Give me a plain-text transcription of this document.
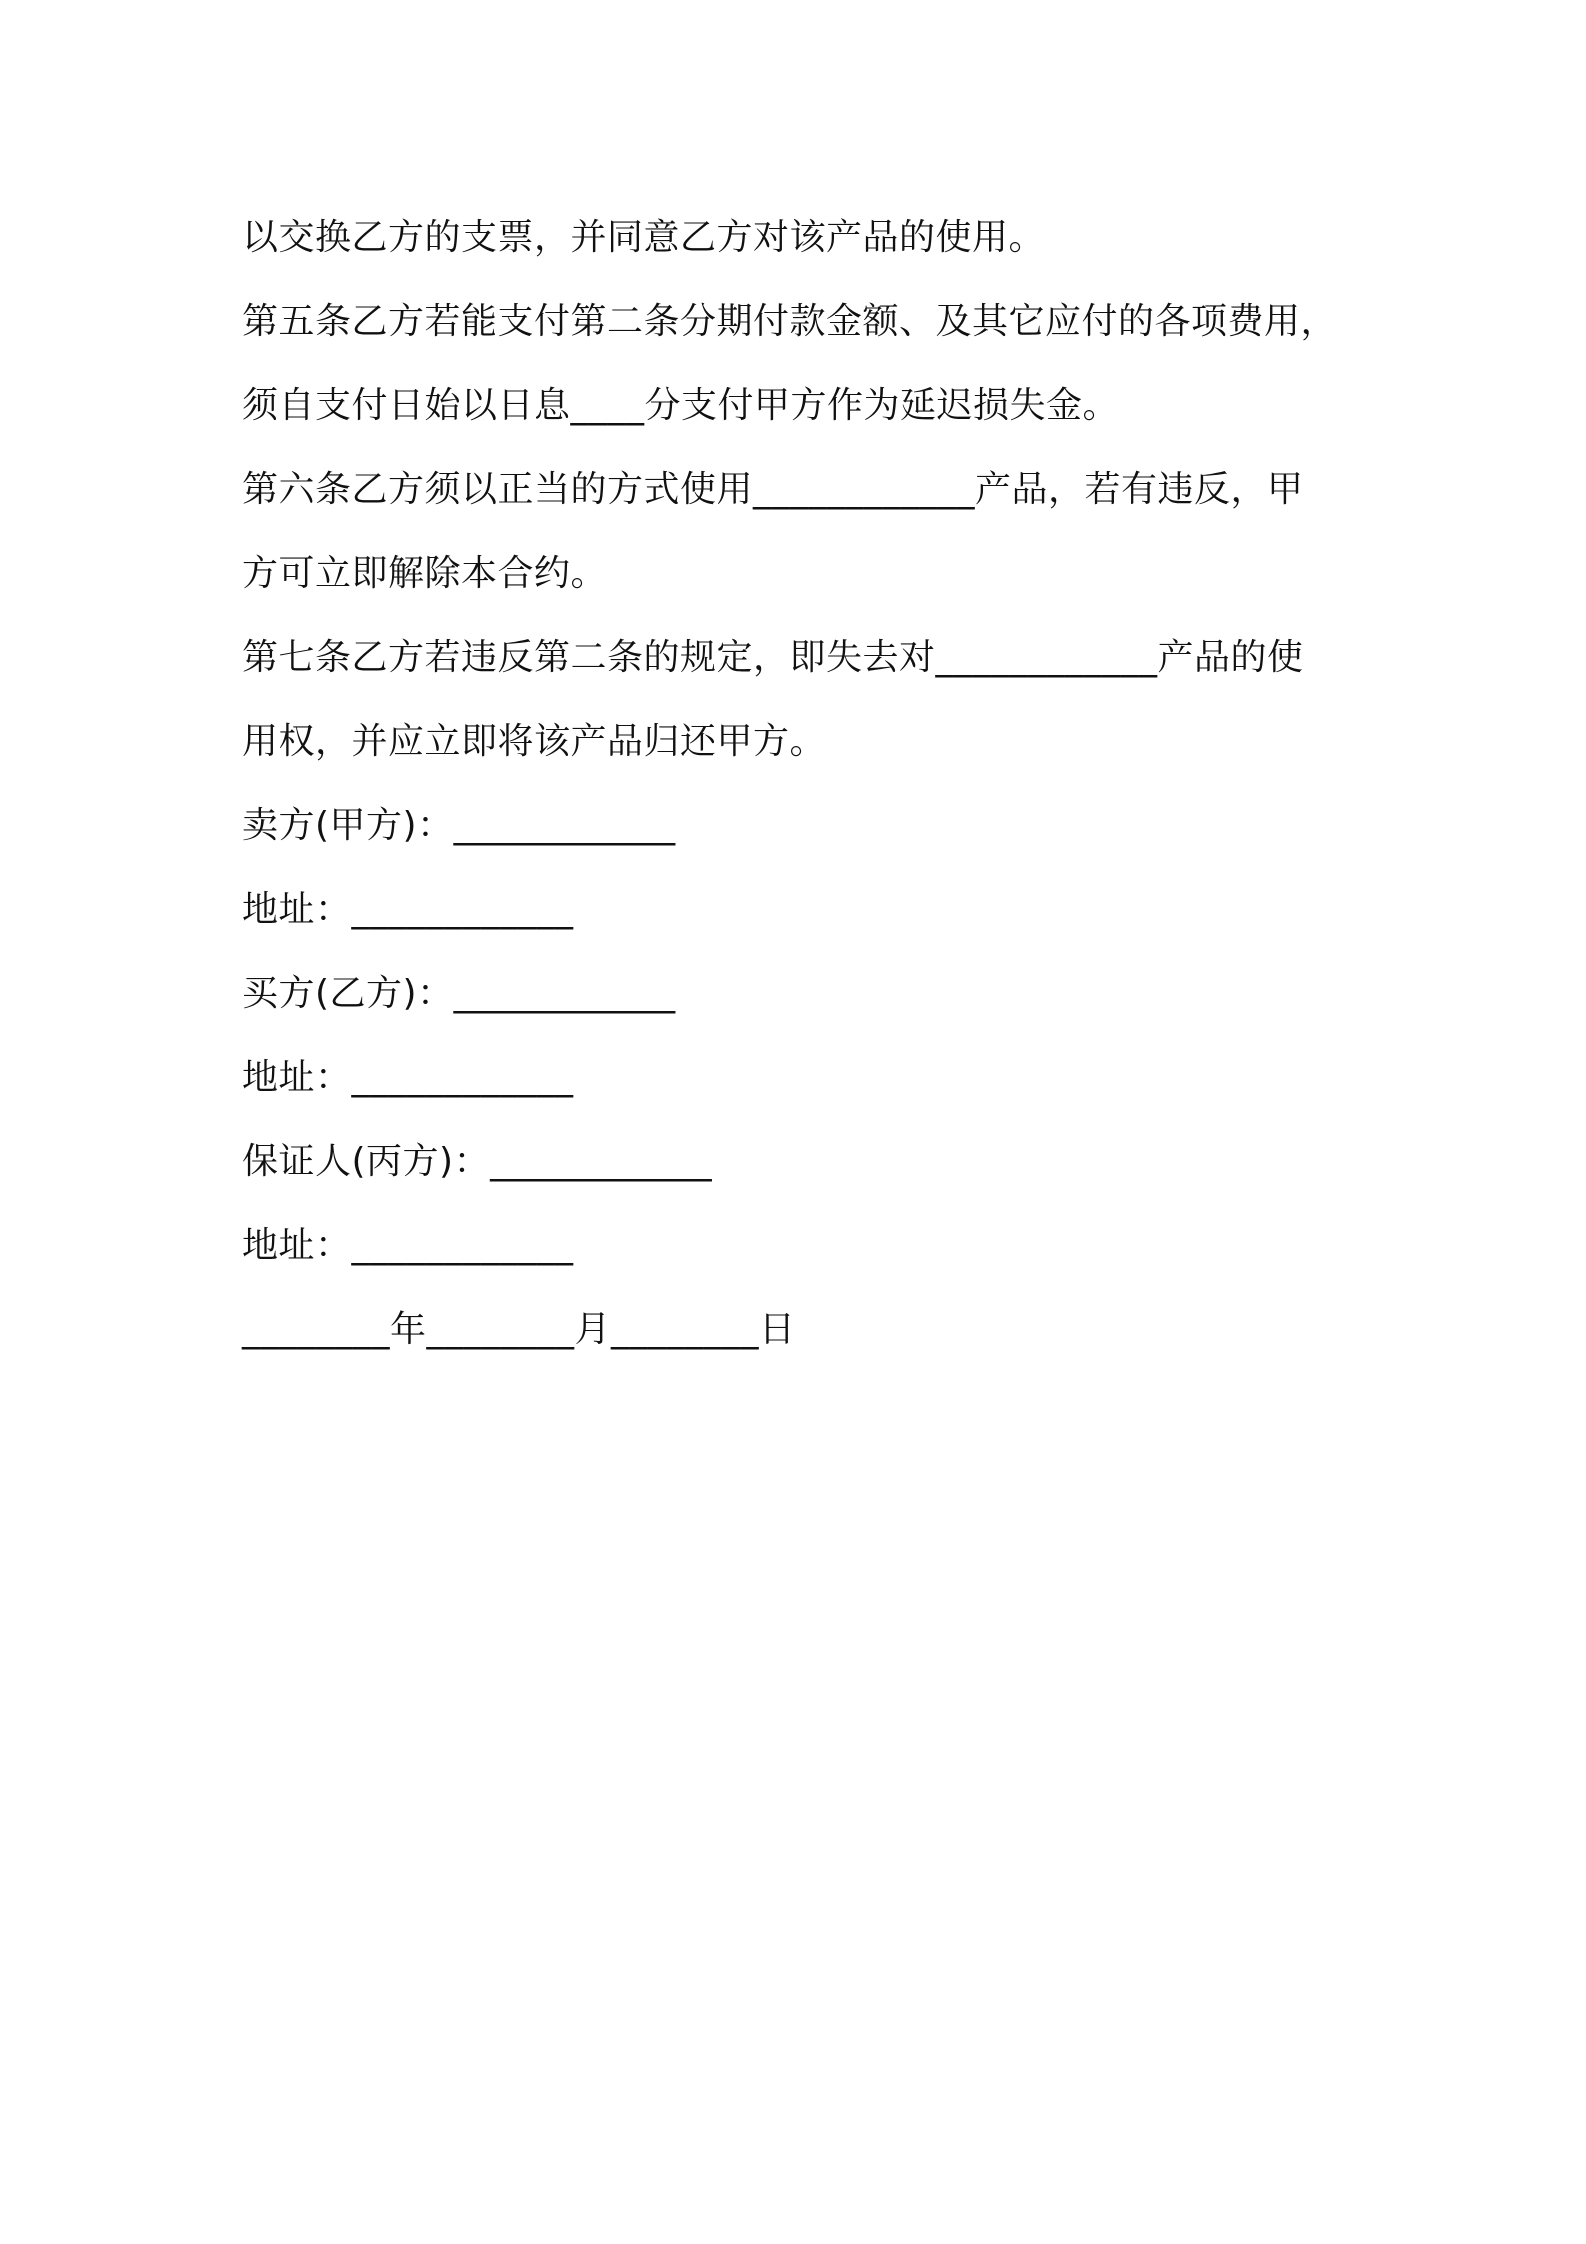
以交换乙方的支票，并同意乙方对该产品的使用。
第五条乙方若能支付第二条分期付款金额、及其它应付的各项费用，
须自支付日始以日息____分支付甲方作为延迟损失金。
第六条乙方须以正当的方式使用____________产品，若有违反，甲
方可立即解除本合约。
第七条乙方若违反第二条的规定，即失去对____________产品的使
用权，并应立即将该产品归还甲方。
卖方(甲方)：____________
地址：____________
买方(乙方)：____________
地址：____________
保证人(丙方)：____________
地址：____________
________年________月________日
